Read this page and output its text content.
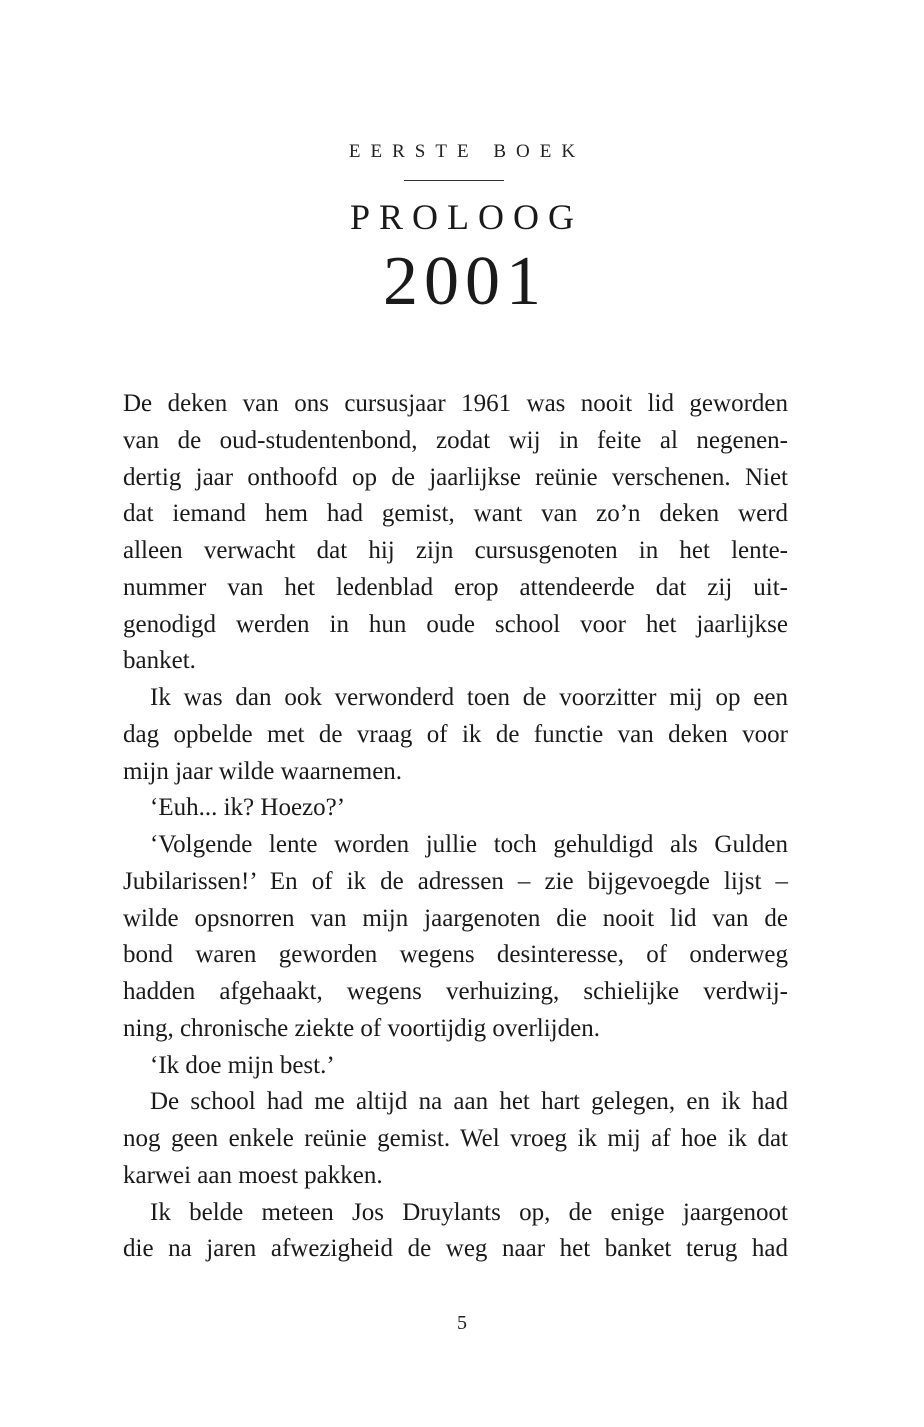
EERSTE BOEK
PROLOOG
2001
De deken van ons cursusjaar 1961 was nooit lid geworden
van de oud-studentenbond, zodat wij in feite al negenen-
dertig jaar onthoofd op de jaarlijkse reünie verschenen. Niet
dat iemand hem had gemist, want van zo’n deken werd
alleen verwacht dat hij zijn cursusgenoten in het lente-
nummer van het ledenblad erop attendeerde dat zij uit-
genodigd werden in hun oude school voor het jaarlijkse
banket.
Ik was dan ook verwonderd toen de voorzitter mij op een
dag opbelde met de vraag of ik de functie van deken voor
mijn jaar wilde waarnemen.
‘Euh... ik? Hoezo?’
‘Volgende lente worden jullie toch gehuldigd als Gulden
Jubilarissen!’ En of ik de adressen – zie bijgevoegde lijst –
wilde opsnorren van mijn jaargenoten die nooit lid van de
bond waren geworden wegens desinteresse, of onderweg
hadden afgehaakt, wegens verhuizing, schielijke verdwij-
ning, chronische ziekte of voortijdig overlijden.
‘Ik doe mijn best.’
De school had me altijd na aan het hart gelegen, en ik had
nog geen enkele reünie gemist. Wel vroeg ik mij af hoe ik dat
karwei aan moest pakken.
Ik belde meteen Jos Druylants op, de enige jaargenoot
die na jaren afwezigheid de weg naar het banket terug had
5
